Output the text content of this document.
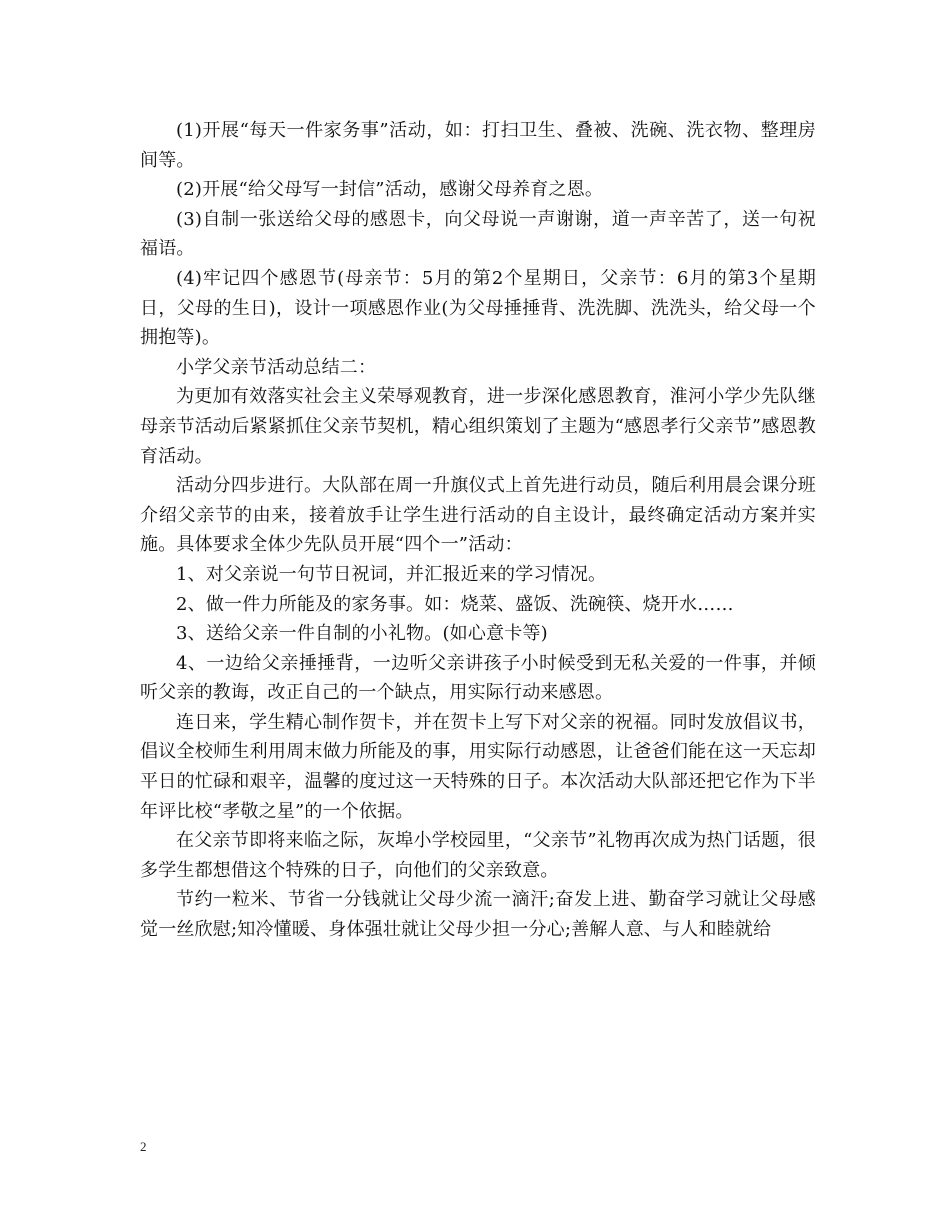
(1)开展“每天一件家务事”活动，如：打扫卫生、叠被、洗碗、洗衣物、整理房间等。

(2)开展“给父母写一封信”活动，感谢父母养育之恩。

(3)自制一张送给父母的感恩卡，向父母说一声谢谢，道一声辛苦了，送一句祝福语。

(4)牢记四个感恩节(母亲节：5月的第2个星期日，父亲节：6月的第3个星期日，父母的生日)，设计一项感恩作业(为父母捶捶背、洗洗脚、洗洗头，给父母一个拥抱等)。

小学父亲节活动总结二：

为更加有效落实社会主义荣辱观教育，进一步深化感恩教育，淮河小学少先队继母亲节活动后紧紧抓住父亲节契机，精心组织策划了主题为“感恩孝行父亲节”感恩教育活动。

活动分四步进行。大队部在周一升旗仪式上首先进行动员，随后利用晨会课分班介绍父亲节的由来，接着放手让学生进行活动的自主设计，最终确定活动方案并实施。具体要求全体少先队员开展“四个一”活动：

1、对父亲说一句节日祝词，并汇报近来的学习情况。

2、做一件力所能及的家务事。如：烧菜、盛饭、洗碗筷、烧开水……

3、送给父亲一件自制的小礼物。(如心意卡等)

4、一边给父亲捶捶背，一边听父亲讲孩子小时候受到无私关爱的一件事，并倾听父亲的教诲，改正自己的一个缺点，用实际行动来感恩。

连日来，学生精心制作贺卡，并在贺卡上写下对父亲的祝福。同时发放倡议书，倡议全校师生利用周末做力所能及的事，用实际行动感恩，让爸爸们能在这一天忘却平日的忙碌和艰辛，温馨的度过这一天特殊的日子。本次活动大队部还把它作为下半年评比校“孝敬之星”的一个依据。

在父亲节即将来临之际，灰埠小学校园里，“父亲节”礼物再次成为热门话题，很多学生都想借这个特殊的日子，向他们的父亲致意。

节约一粒米、节省一分钱就让父母少流一滴汗;奋发上进、勤奋学习就让父母感觉一丝欣慰;知冷懂暖、身体强壮就让父母少担一分心;善解人意、与人和睦就给

2
